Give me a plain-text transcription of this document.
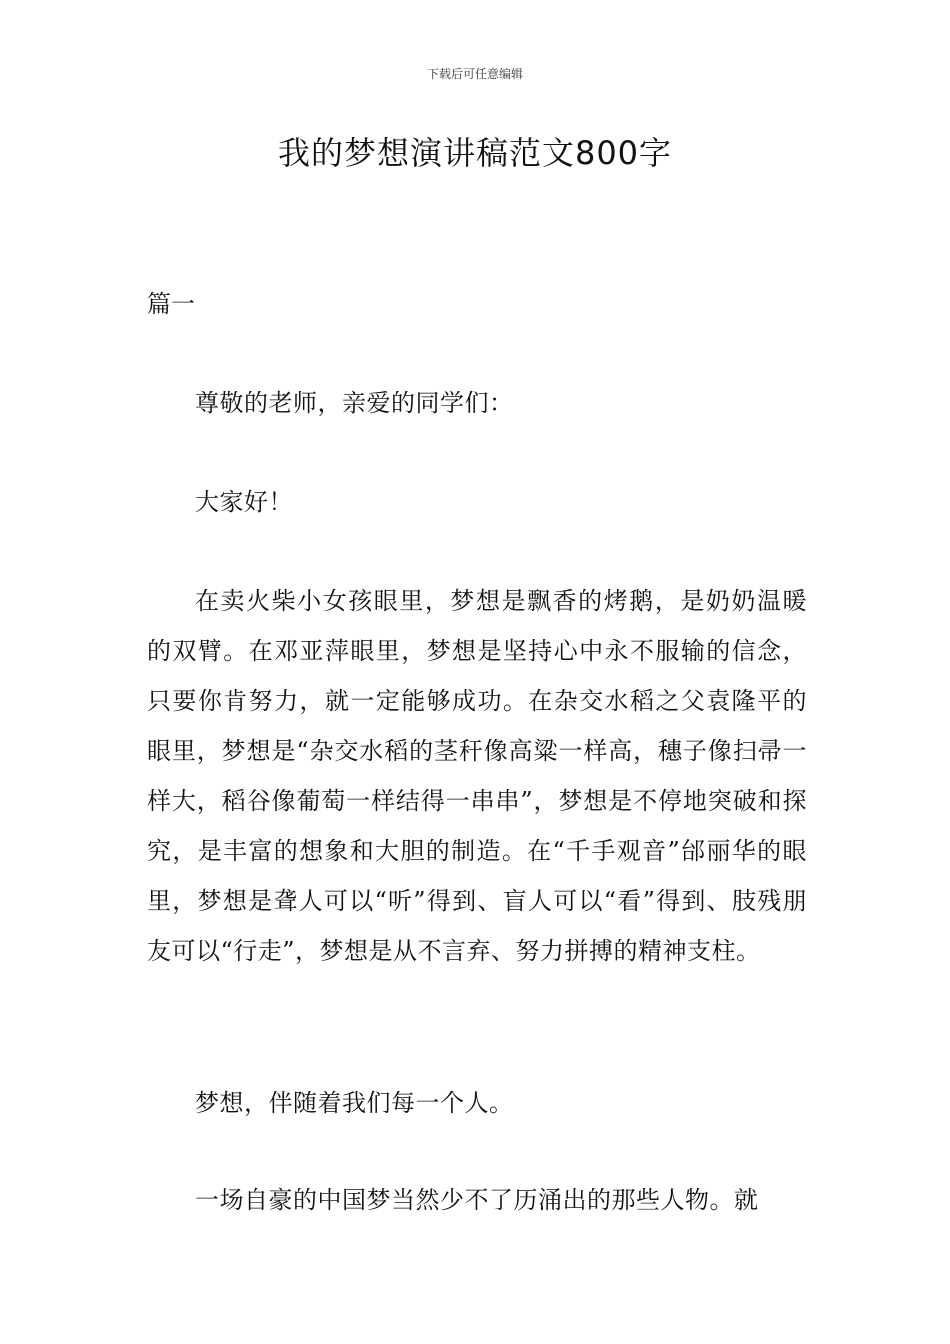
下载后可任意编辑
我的梦想演讲稿范文800字
篇一

尊敬的老师，亲爱的同学们：

大家好！

在卖火柴小女孩眼里，梦想是飘香的烤鹅，是奶奶温暖的双臂。在邓亚萍眼里，梦想是坚持心中永不服输的信念，只要你肯努力，就一定能够成功。在杂交水稻之父袁隆平的眼里，梦想是“杂交水稻的茎秆像高粱一样高，穗子像扫帚一样大，稻谷像葡萄一样结得一串串”，梦想是不停地突破和探究，是丰富的想象和大胆的制造。在“千手观音”邰丽华的眼里，梦想是聋人可以“听”得到、盲人可以“看”得到、肢残朋友可以“行走”，梦想是从不言弃、努力拼搏的精神支柱。

梦想，伴随着我们每一个人。

一场自豪的中国梦当然少不了历涌出的那些人物。就
